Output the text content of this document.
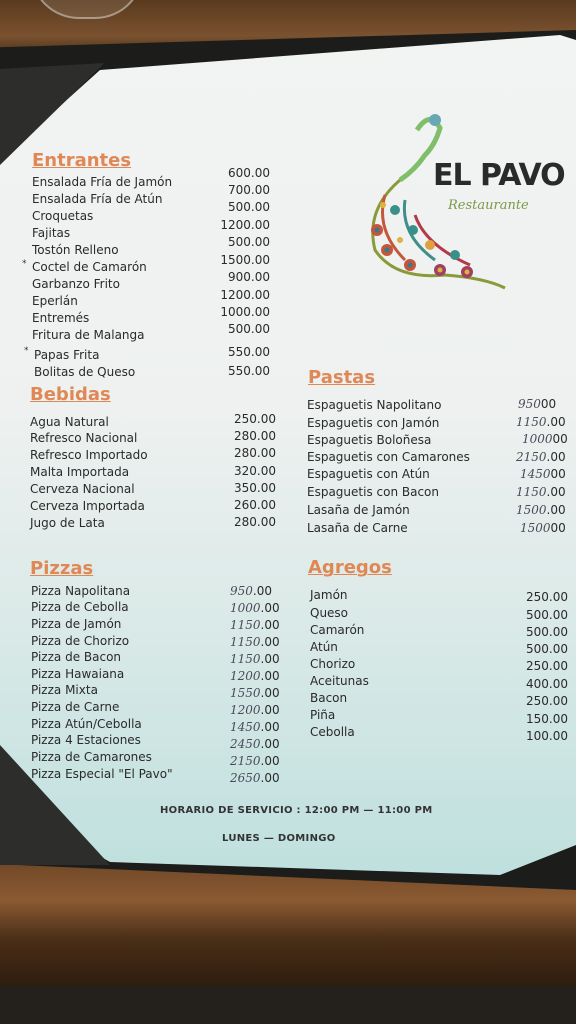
EL PAVO
Restaurante
Entrantes
Ensalada Fría de Jamón
Ensalada Fría de Atún
Croquetas
Fajitas
Tostón Relleno
* Coctel de Camarón
Garbanzo Frito
Eperlán
Entremés
Fritura de Malanga
* Papas Frita
Bolitas de Queso
600.00
700.00
500.00
1200.00
500.00
1500.00
900.00
1200.00
1000.00
500.00
550.00
550.00
Bebidas
Agua Natural
Refresco Nacional
Refresco Importado
Malta Importada
Cerveza Nacional
Cerveza Importada
Jugo de Lata
250.00
280.00
280.00
320.00
350.00
260.00
280.00
Pizzas
Pizza Napolitana
Pizza de Cebolla
Pizza de Jamón
Pizza de Chorizo
Pizza de Bacon
Pizza Hawaiana
Pizza Mixta
Pizza de Carne
Pizza Atún/Cebolla
Pizza 4 Estaciones
Pizza de Camarones
Pizza Especial "El Pavo"
950.00
1000.00
1150.00
1150.00
1150.00
1200.00
1550.00
1200.00
1450.00
2450.00
2150.00
2650.00
Pastas
Espaguetis Napolitano
Espaguetis con Jamón
Espaguetis Boloñesa
Espaguetis con Camarones
Espaguetis con Atún
Espaguetis con Bacon
Lasaña de Jamón
Lasaña de Carne
95000
1150.00
100000
2150.00
145000
1150.00
1500.00
150000
Agregos
Jamón
Queso
Camarón
Atún
Chorizo
Aceitunas
Bacon
Piña
Cebolla
250.00
500.00
500.00
500.00
250.00
400.00
250.00
150.00
100.00
HORARIO DE SERVICIO : 12:00 PM — 11:00 PM
LUNES — DOMINGO
